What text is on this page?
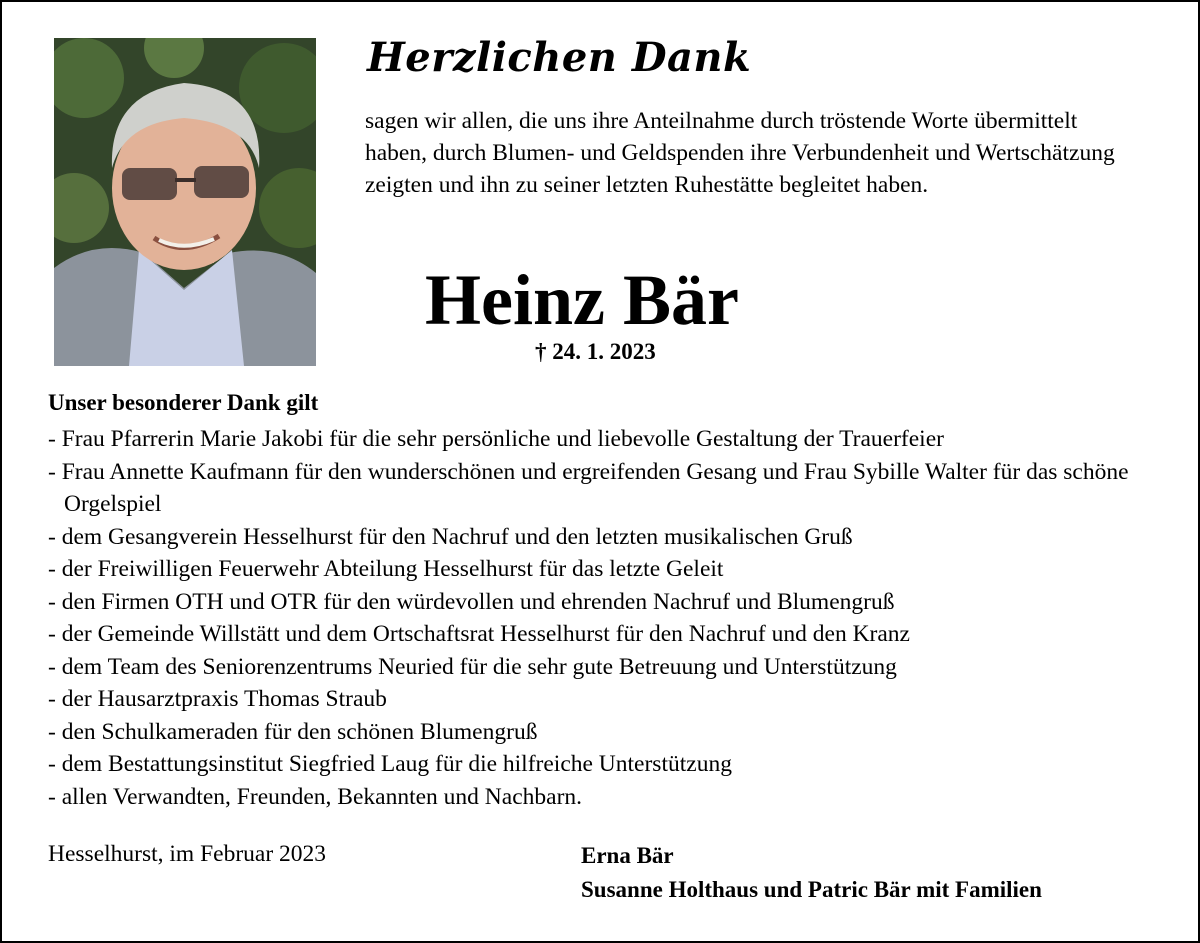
Herzlichen Dank

sagen wir allen, die uns ihre Anteilnahme durch tröstende Worte übermittelt haben, durch Blumen- und Geldspenden ihre Verbundenheit und Wertschätzung zeigten und ihn zu seiner letzten Ruhestätte begleitet haben.

Heinz Bär

† 24. 1. 2023

Unser besonderer Dank gilt

- Frau Pfarrerin Marie Jakobi für die sehr persönliche und liebevolle Gestaltung der Trauerfeier
- Frau Annette Kaufmann für den wunderschönen und ergreifenden Gesang und Frau Sybille Walter für das schöne Orgelspiel
- dem Gesangverein Hesselhurst für den Nachruf und den letzten musikalischen Gruß
- der Freiwilligen Feuerwehr Abteilung Hesselhurst für das letzte Geleit
- den Firmen OTH und OTR für den würdevollen und ehrenden Nachruf und Blumengruß
- der Gemeinde Willstätt und dem Ortschaftsrat Hesselhurst für den Nachruf und den Kranz
- dem Team des Seniorenzentrums Neuried für die sehr gute Betreuung und Unterstützung
- der Hausarztpraxis Thomas Straub
- den Schulkameraden für den schönen Blumengruß
- dem Bestattungsinstitut Siegfried Laug für die hilfreiche Unterstützung
- allen Verwandten, Freunden, Bekannten und Nachbarn.

Hesselhurst, im Februar 2023	Erna Bär
Susanne Holthaus und Patric Bär mit Familien
